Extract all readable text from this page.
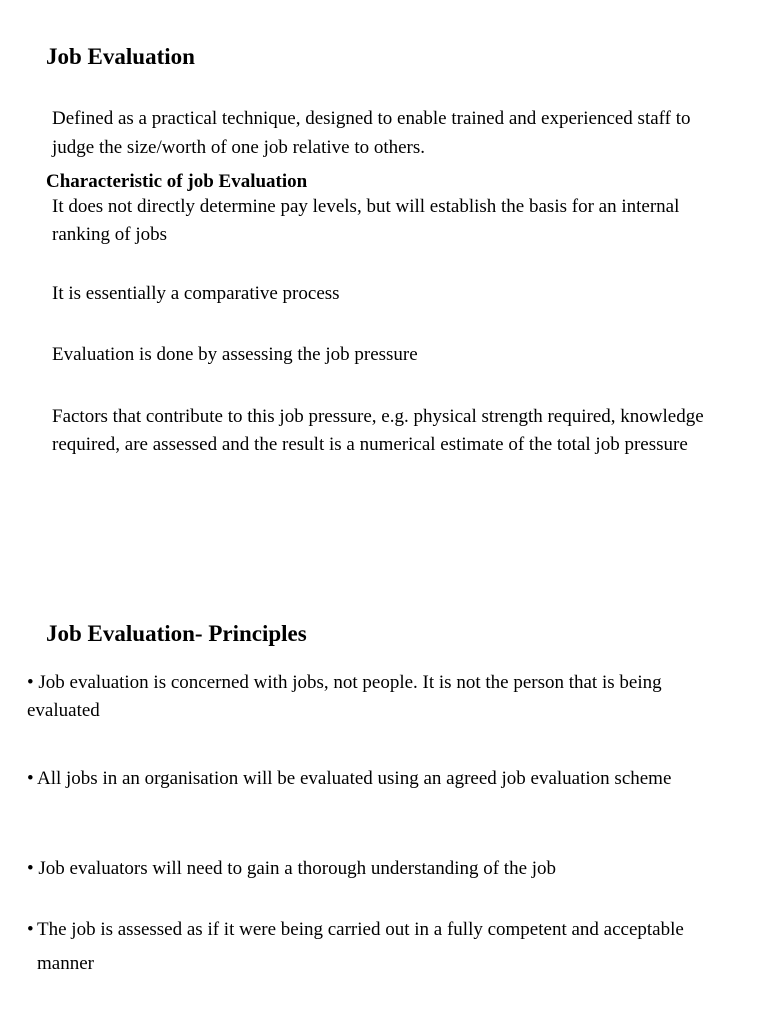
Job Evaluation

Defined as a practical technique, designed to enable trained and experienced staff to judge the size/worth of one job relative to others.

Characteristic of job Evaluation

It does not directly determine pay levels, but will establish the basis for an internal ranking of jobs

It is essentially a comparative process

Evaluation is done by assessing the job pressure

Factors that contribute to this job pressure, e.g. physical strength required, knowledge required, are assessed and the result is a numerical estimate of the total job pressure

Job Evaluation- Principles

• Job evaluation is concerned with jobs, not people. It is not the person that is being evaluated

• All jobs in an organisation will be evaluated using an agreed job evaluation scheme

• Job evaluators will need to gain a thorough understanding of the job

• The job is assessed as if it were being carried out in a fully competent and acceptable manner
